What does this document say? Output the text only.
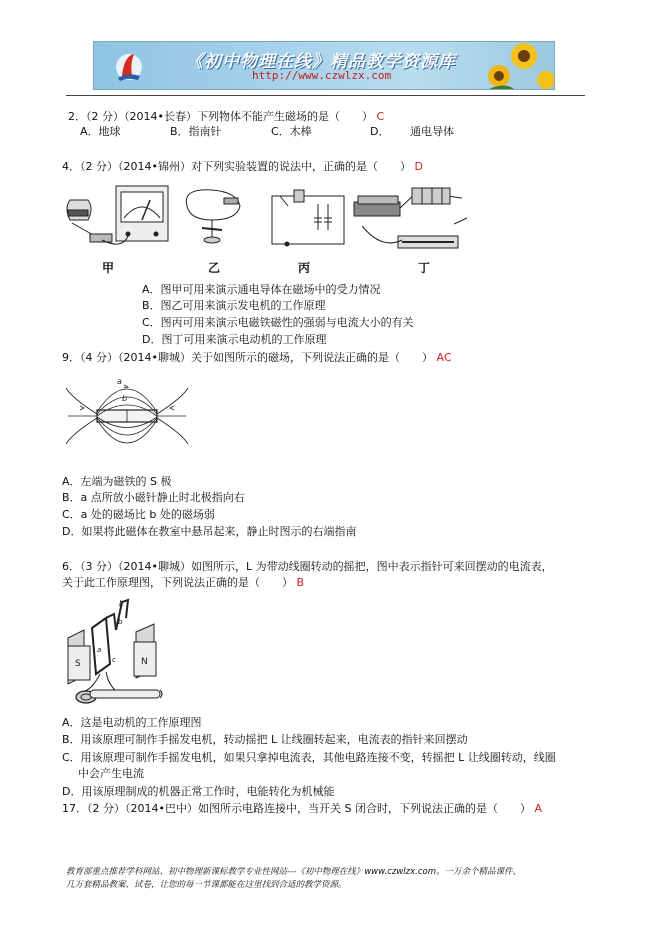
《初中物理在线》精品教学资源库
http://www.czwlzx.com
2．（2 分）（2014•长春）下列物体不能产生磁场的是（　　） C
A．地球	B．指南针	C．木棒	D． 通电导体
4．（2 分）（2014•锦州）对下列实验装置的说法中，正确的是（　　） D
甲	乙	丙	丁
A．图甲可用来演示通电导体在磁场中的受力情况
B．图乙可用来演示发电机的工作原理
C．图丙可用来演示电磁铁磁性的强弱与电流大小的有关
D．图丁可用来演示电动机的工作原理
9．（4 分）（2014•聊城）关于如图所示的磁场，下列说法正确的是（　　） AC
a
b
A．左端为磁铁的 S 极
B．a 点所放小磁针静止时北极指向右
C．a 处的磁场比 b 处的磁场弱
D．如果将此磁体在教室中悬吊起来，静止时图示的右端指南
6．（3 分）（2014•聊城）如图所示，L 为带动线圈转动的摇把，图中表示指针可来回摆动的电流表，
关于此工作原理图，下列说法正确的是（　　） B
L
S	N
a
b
c
A．这是电动机的工作原理图
B．用该原理可制作手摇发电机，转动摇把 L 让线圈转起来，电流表的指针来回摆动
C．用该原理可制作手摇发电机，如果只拿掉电流表，其他电路连接不变，转摇把 L 让线圈转动，线圈
中会产生电流
D．用该原理制成的机器正常工作时，电能转化为机械能
17．（2 分）（2014•巴中）如图所示电路连接中，当开关 S 闭合时，下列说法正确的是（　　） A
教育部重点推荐学科网站、初中物理新课标教学专业性网站---《初中物理在线》www.czwlzx.com。一万余个精品课件、
几万套精品教案、试卷，让您的每一节课都能在这里找到合适的教学资源。
